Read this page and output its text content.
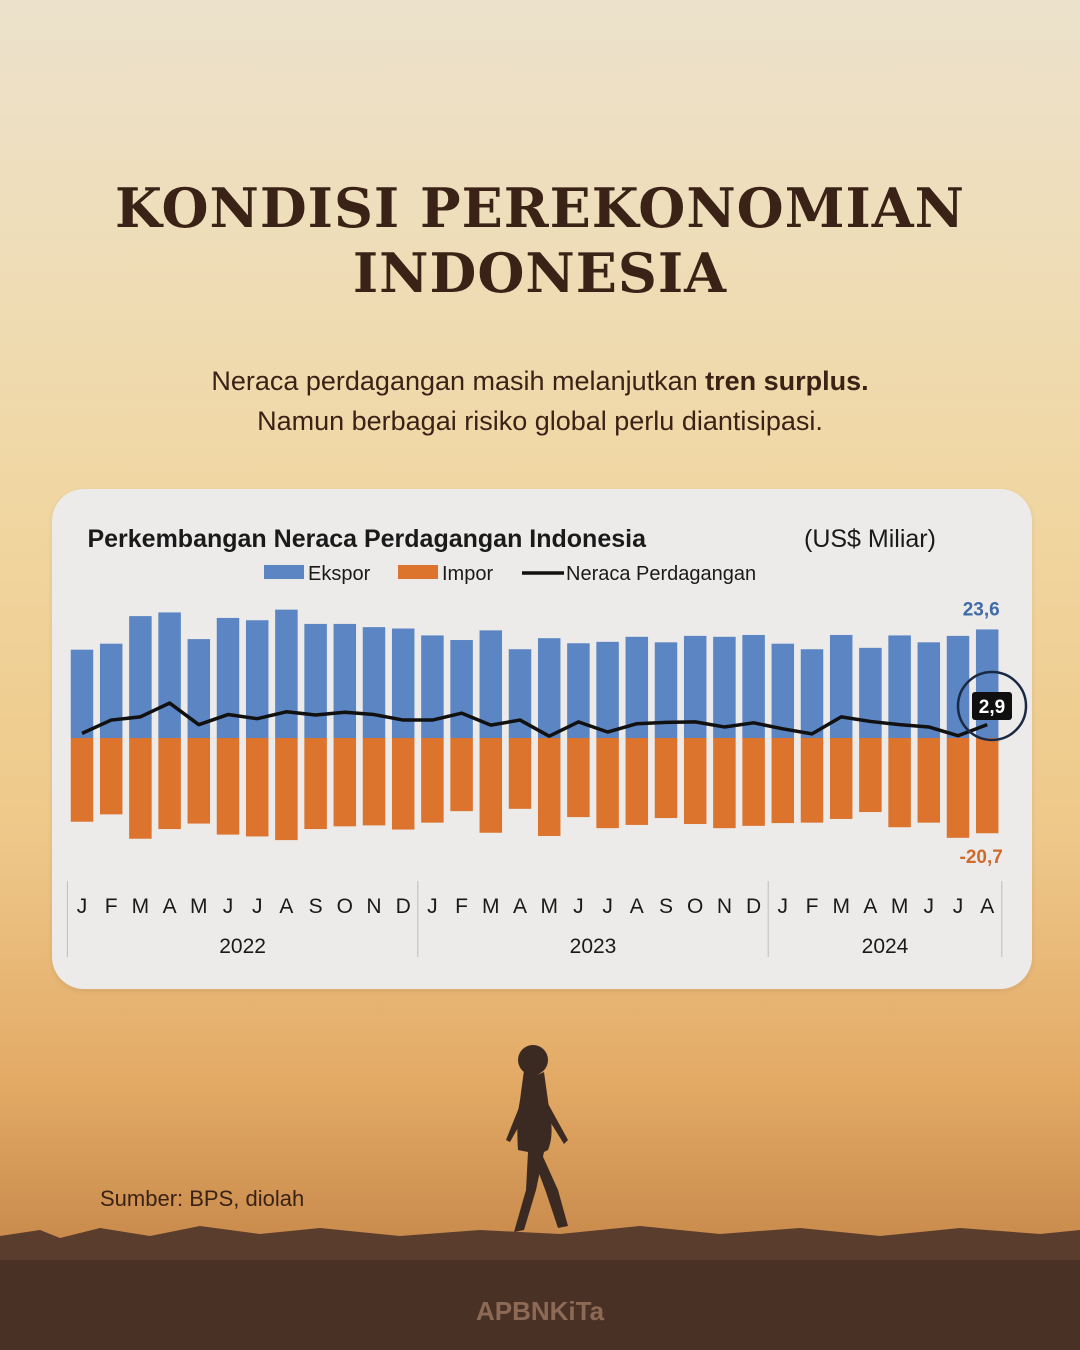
KONDISI PEREKONOMIAN
INDONESIA
Neraca perdagangan masih melanjutkan tren surplus.
Namun berbagai risiko global perlu diantisipasi.
Perkembangan Neraca Perdagangan Indonesia	(US$ Miliar)
Ekspor	Impor	Neraca Perdagangan
23,6
-20,7
2,9
J F M A M J J A S O N D J F M A M J J A S O N D J F M A M J J A
2022	2023	2024
Sumber: BPS, diolah
APBNKiTa
